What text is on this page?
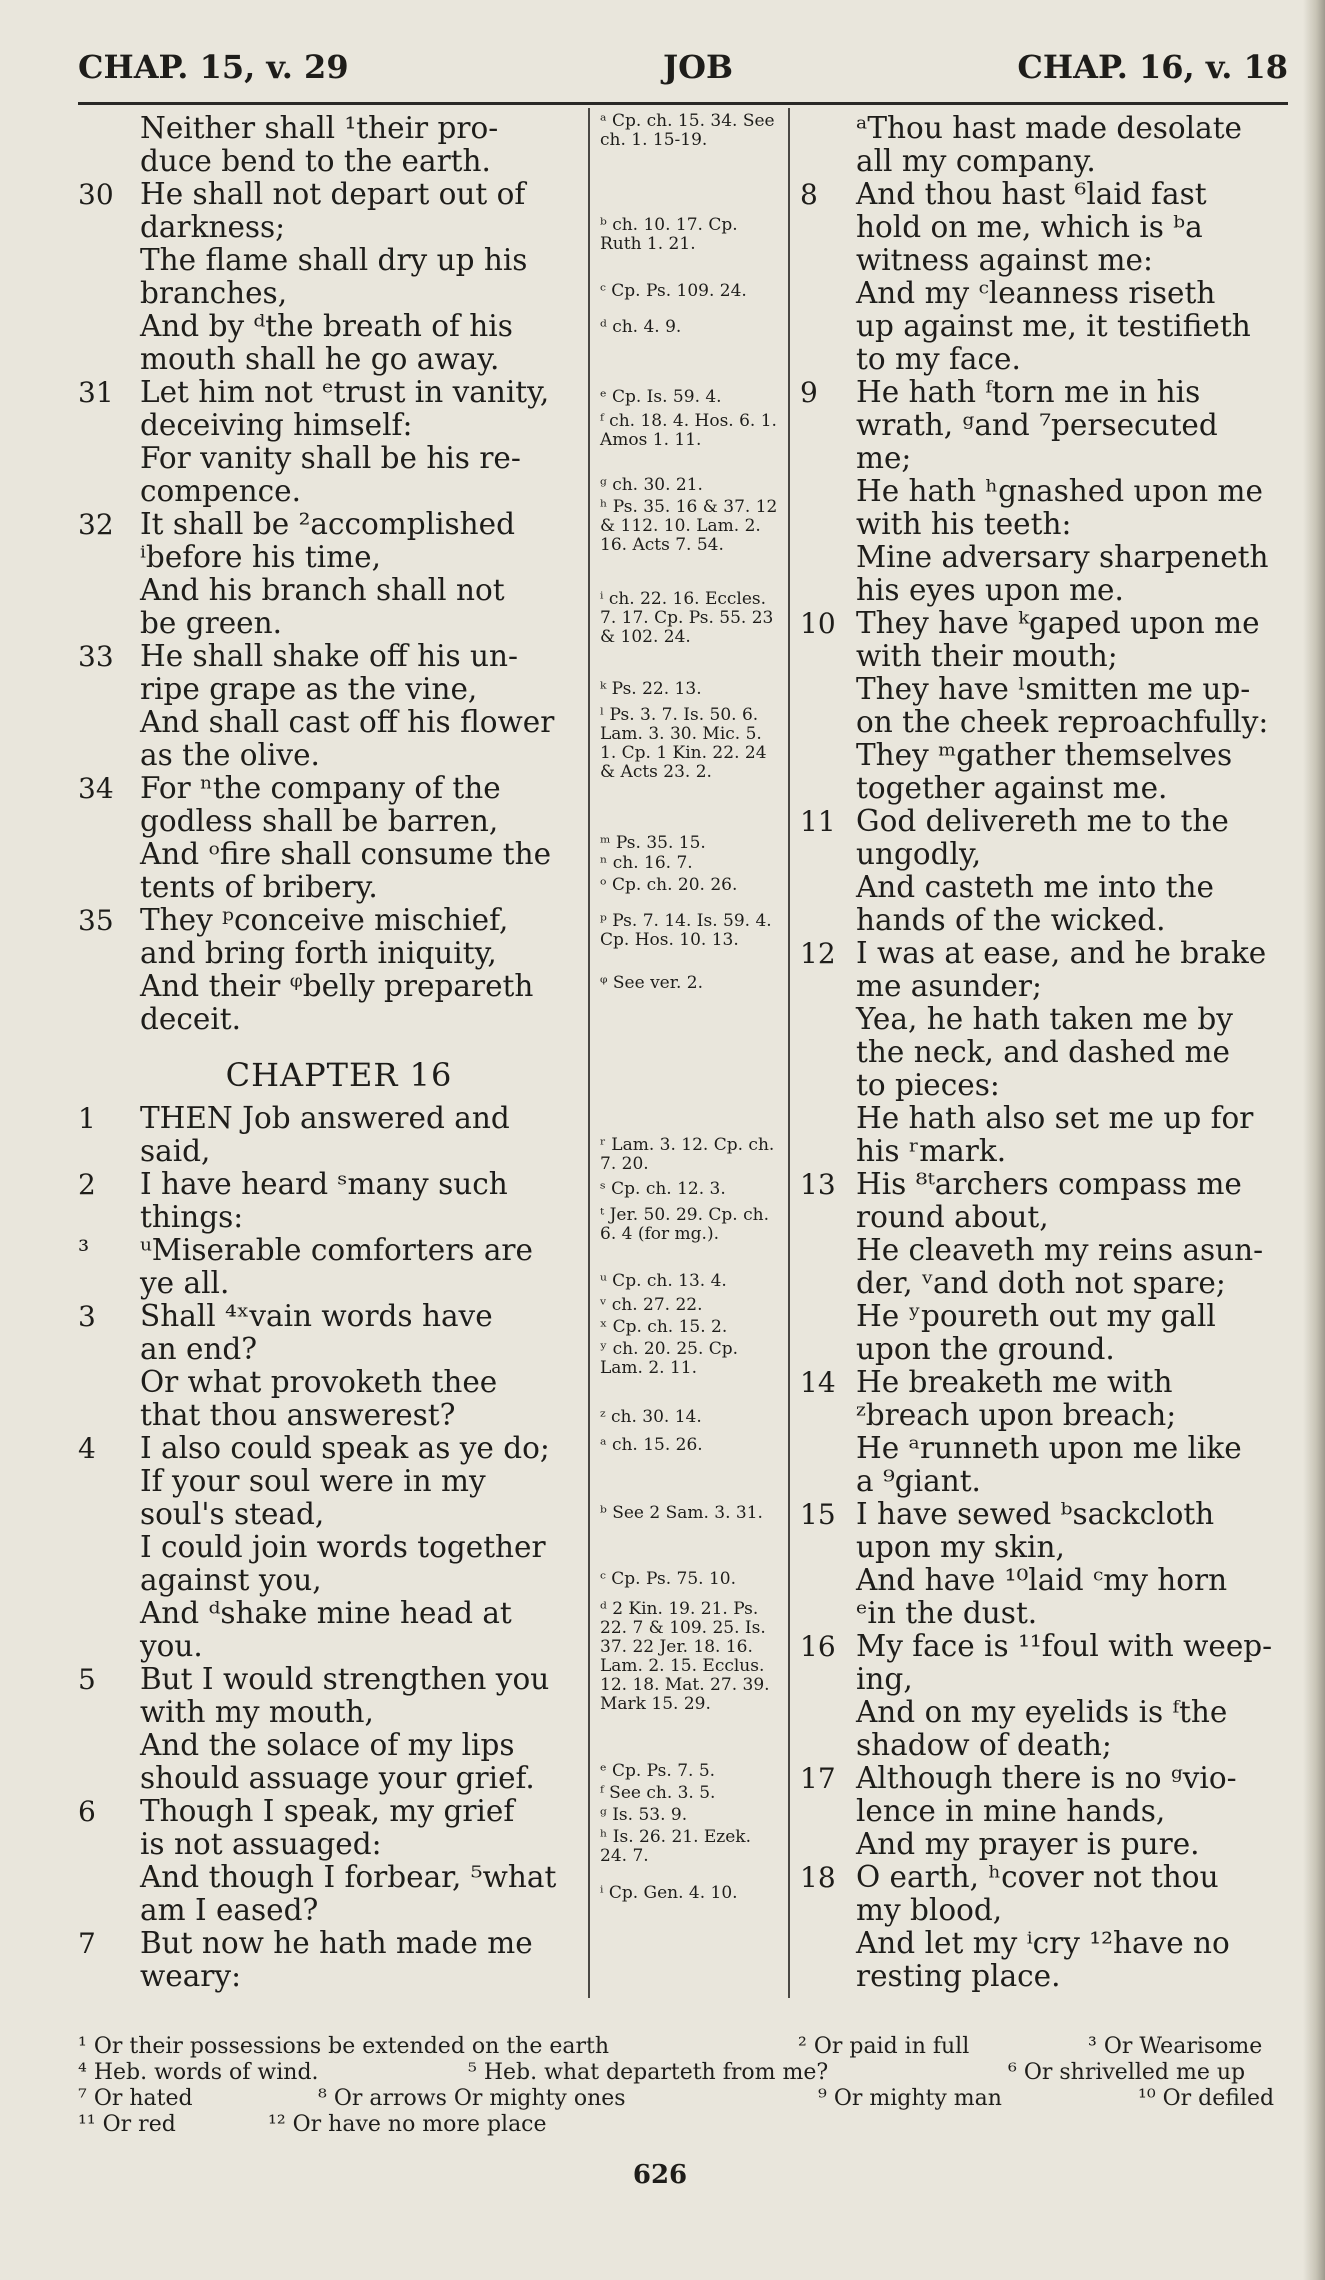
CHAP. 15, v. 29	JOB	CHAP. 16, v. 18
Neither shall ¹their pro-
duce bend to the earth.
30 He shall not depart out of
darkness;
The flame shall dry up his
branches,
And by ᵈthe breath of his
mouth shall he go away.
31 Let him not ᵉtrust in vanity,
deceiving himself:
For vanity shall be his re-
compence.
32 It shall be ²accomplished
ⁱbefore his time,
And his branch shall not
be green.
33 He shall shake off his un-
ripe grape as the vine,
And shall cast off his flower
as the olive.
34 For ⁿthe company of the
godless shall be barren,
And ᵒfire shall consume the
tents of bribery.
35 They ᵖconceive mischief,
and bring forth iniquity,
And their ᵠbelly prepareth
deceit.
CHAPTER 16
1	THEN Job answered and
said,
2	I have heard ˢmany such
things:
³	ᵘMiserable comforters are
ye all.
3	Shall ⁴ˣvain words have
an end?
Or what provoketh thee
that thou answerest?
4	I also could speak as ye do;
If your soul were in my
soul's stead,
I could join words together
against you,
And ᵈshake mine head at
you.
5	But I would strengthen you
with my mouth,
And the solace of my lips
should assuage your grief.
6	Though I speak, my grief
is not assuaged:
And though I forbear, ⁵what
am I eased?
7	But now he hath made me
weary:
ᵃ Cp. ch. 15. 34. See ch. 1. 15-19.
ᵇ ch. 10. 17. Cp. Ruth 1. 21.
ᶜ Cp. Ps. 109. 24.
ᵈ ch. 4. 9.
ᵉ Cp. Is. 59. 4.
ᶠ ch. 18. 4. Hos. 6. 1. Amos 1. 11.
ᵍ ch. 30. 21.
ʰ Ps. 35. 16 & 37. 12 & 112. 10. Lam. 2. 16. Acts 7. 54.
ⁱ ch. 22. 16. Eccles. 7. 17. Cp. Ps. 55. 23 & 102. 24.
ᵏ Ps. 22. 13.
ˡ Ps. 3. 7. Is. 50. 6. Lam. 3. 30. Mic. 5. 1. Cp. 1 Kin. 22. 24 & Acts 23. 2.
ᵐ Ps. 35. 15.
ⁿ ch. 16. 7.
ᵒ Cp. ch. 20. 26.
ᵖ Ps. 7. 14. Is. 59. 4. Cp. Hos. 10. 13.
ᵠ See ver. 2.
ʳ Lam. 3. 12. Cp. ch. 7. 20.
ˢ Cp. ch. 12. 3.
ᵗ Jer. 50. 29. Cp. ch. 6. 4 (for mg.).
ᵘ Cp. ch. 13. 4.
ᵛ ch. 27. 22.
ˣ Cp. ch. 15. 2.
ʸ ch. 20. 25. Cp. Lam. 2. 11.
ᶻ ch. 30. 14.
ᵃ ch. 15. 26.
ᵇ See 2 Sam. 3. 31.
ᶜ Cp. Ps. 75. 10.
ᵈ 2 Kin. 19. 21. Ps. 22. 7 & 109. 25. Is. 37. 22 Jer. 18. 16. Lam. 2. 15. Ecclus. 12. 18. Mat. 27. 39. Mark 15. 29.
ᵉ Cp. Ps. 7. 5.
ᶠ See ch. 3. 5.
ᵍ Is. 53. 9.
ʰ Is. 26. 21. Ezek. 24. 7.
ⁱ Cp. Gen. 4. 10.
ᵃThou hast made desolate
all my company.
8	And thou hast ⁶laid fast
hold on me, which is ᵇa
witness against me:
And my ᶜleanness riseth
up against me, it testifieth
to my face.
9	He hath ᶠtorn me in his
wrath, ᵍand ⁷persecuted
me;
He hath ʰgnashed upon me
with his teeth:
Mine adversary sharpeneth
his eyes upon me.
10 They have ᵏgaped upon me
with their mouth;
They have ˡsmitten me up-
on the cheek reproachfully:
They ᵐgather themselves
together against me.
11 God delivereth me to the
ungodly,
And casteth me into the
hands of the wicked.
12 I was at ease, and he brake
me asunder;
Yea, he hath taken me by
the neck, and dashed me
to pieces:
He hath also set me up for
his ʳmark.
13 His ⁸ᵗarchers compass me
round about,
He cleaveth my reins asun-
der, ᵛand doth not spare;
He ʸpoureth out my gall
upon the ground.
14 He breaketh me with
ᶻbreach upon breach;
He ᵃrunneth upon me like
a ⁹giant.
15 I have sewed ᵇsackcloth
upon my skin,
And have ¹⁰laid ᶜmy horn
ᵉin the dust.
16 My face is ¹¹foul with weep-
ing,
And on my eyelids is ᶠthe
shadow of death;
17 Although there is no ᵍvio-
lence in mine hands,
And my prayer is pure.
18 O earth, ʰcover not thou
my blood,
And let my ⁱcry ¹²have no
resting place.
¹ Or their possessions be extended on the earth	² Or paid in full	³ Or Wearisome
⁴ Heb. words of wind.	⁵ Heb. what departeth from me?	⁶ Or shrivelled me up
⁷ Or hated	⁸ Or arrows Or mighty ones	⁹ Or mighty man	¹⁰ Or defiled
¹¹ Or red	¹² Or have no more place
626
